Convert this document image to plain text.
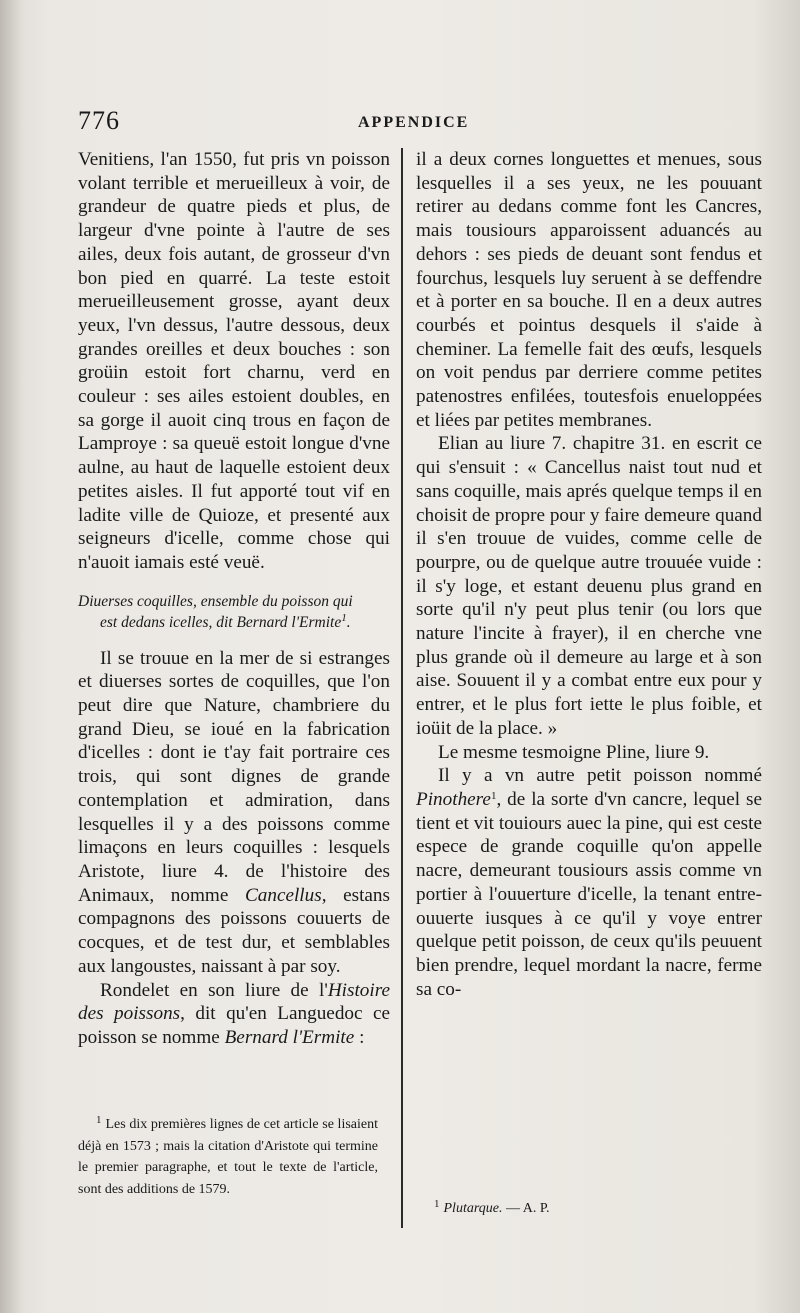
776	APPENDICE

Venitiens, l'an 1550, fut pris vn poisson volant terrible et merueilleux à voir, de grandeur de quatre pieds et plus, de largeur d'vne pointe à l'autre de ses ailes, deux fois autant, de grosseur d'vn bon pied en quarré. La teste estoit merueilleusement grosse, ayant deux yeux, l'vn dessus, l'autre dessous, deux grandes oreilles et deux bouches : son groüin estoit fort charnu, verd en couleur : ses ailes estoient doubles, en sa gorge il auoit cinq trous en façon de Lamproye : sa queuë estoit longue d'vne aulne, au haut de laquelle estoient deux petites aisles. Il fut apporté tout vif en ladite ville de Quioze, et presenté aux seigneurs d'icelle, comme chose qui n'auoit iamais esté veuë.

Diuerses coquilles, ensemble du poisson qui
est dedans icelles, dit Bernard l'Ermite$^1$.

Il se trouue en la mer de si estranges et diuerses sortes de coquilles, que l'on peut dire que Nature, chambriere du grand Dieu, se ioué en la fabrication d'icelles : dont ie t'ay fait portraire ces trois, qui sont dignes de grande contemplation et admiration, dans lesquelles il y a des poissons comme limaçons en leurs coquilles : lesquels Aristote, liure 4. de l'histoire des Animaux, nomme Cancellus, estans compagnons des poissons couuerts de cocques, et de test dur, et semblables aux langoustes, naissant à par soy.

Rondelet en son liure de l'Histoire des poissons, dit qu'en Languedoc ce poisson se nomme Bernard l'Ermite :

$^1$ Les dix premières lignes de cet article se lisaient déjà en 1573 ; mais la citation d'Aristote qui termine le premier paragraphe, et tout le texte de l'article, sont des additions de 1579.

il a deux cornes longuettes et menues, sous lesquelles il a ses yeux, ne les pouuant retirer au dedans comme font les Cancres, mais tousiours apparoissent aduancés au dehors : ses pieds de deuant sont fendus et fourchus, lesquels luy seruent à se deffendre et à porter en sa bouche. Il en a deux autres courbés et pointus desquels il s'aide à cheminer. La femelle fait des œufs, lesquels on voit pendus par derriere comme petites patenostres enfilées, toutesfois enueloppées et liées par petites membranes.

Elian au liure 7. chapitre 31. en escrit ce qui s'ensuit : « Cancellus naist tout nud et sans coquille, mais aprés quelque temps il en choisit de propre pour y faire demeure quand il s'en trouue de vuides, comme celle de pourpre, ou de quelque autre trouuée vuide : il s'y loge, et estant deuenu plus grand en sorte qu'il n'y peut plus tenir (ou lors que nature l'incite à frayer), il en cherche vne plus grande où il demeure au large et à son aise. Souuent il y a combat entre eux pour y entrer, et le plus fort iette le plus foible, et ioüit de la place. »

Le mesme tesmoigne Pline, liure 9.

Il y a vn autre petit poisson nommé Pinothere$^1$, de la sorte d'vn cancre, lequel se tient et vit touiours auec la pine, qui est ceste espece de grande coquille qu'on appelle nacre, demeurant tousiours assis comme vn portier à l'ouuerture d'icelle, la tenant entre-ouuerte iusques à ce qu'il y voye entrer quelque petit poisson, de ceux qu'ils peuuent bien prendre, lequel mordant la nacre, ferme sa co-

$^1$ Plutarque. — A. P.
